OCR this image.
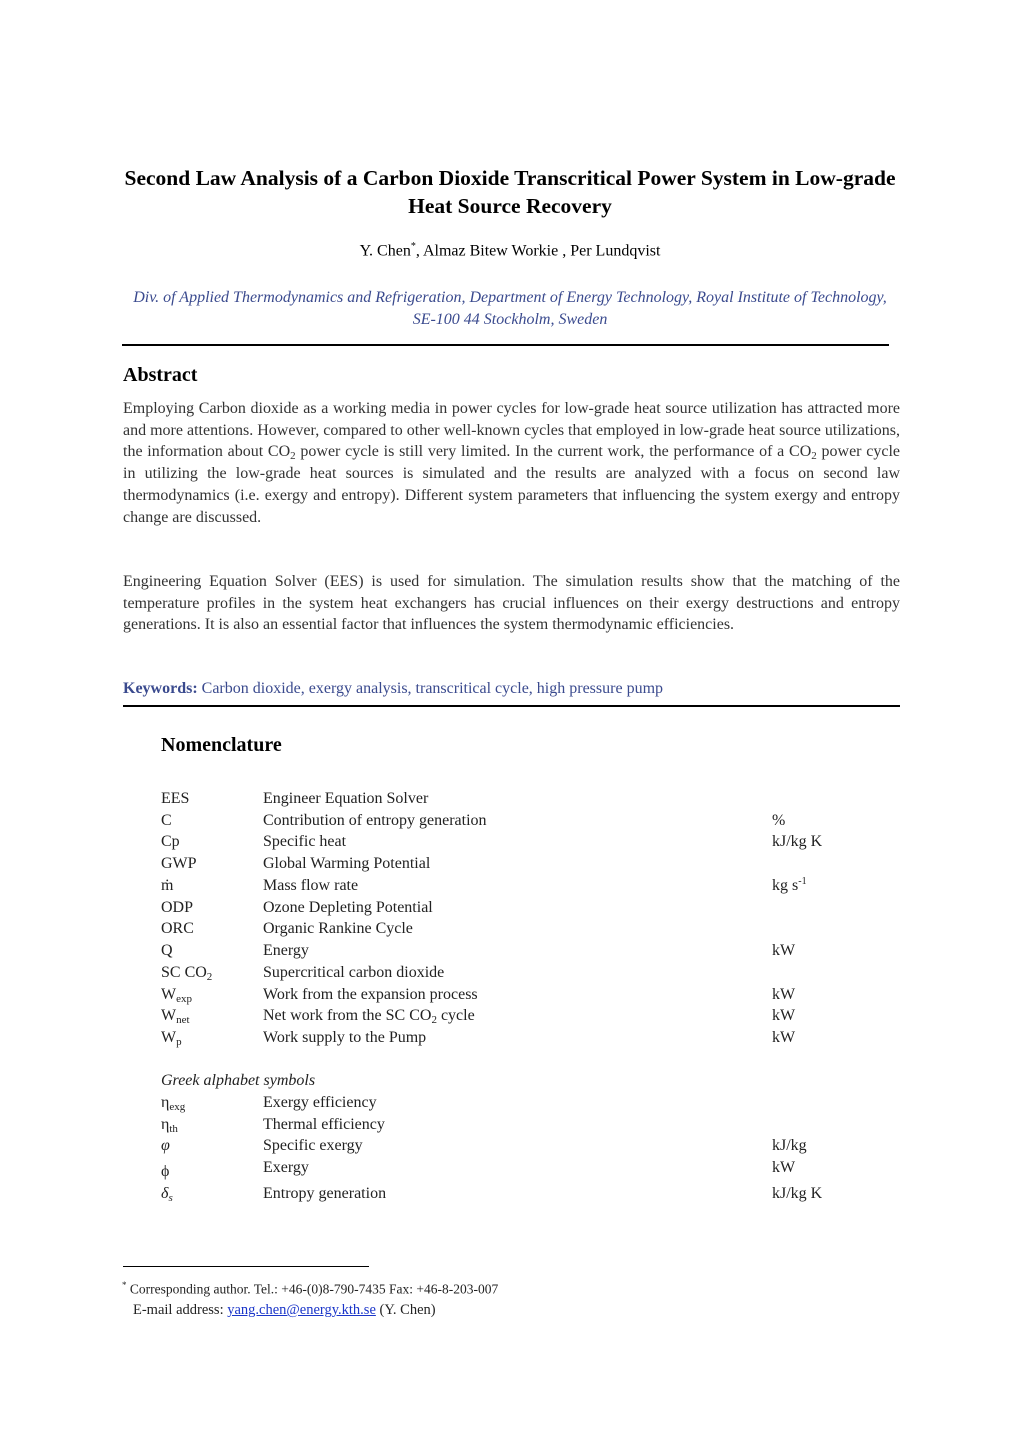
Second Law Analysis of a Carbon Dioxide Transcritical Power System in Low-grade Heat Source Recovery
Y. Chen*, Almaz Bitew Workie , Per Lundqvist
Div. of Applied Thermodynamics and Refrigeration, Department of Energy Technology, Royal Institute of Technology, SE-100 44 Stockholm, Sweden
Abstract
Employing Carbon dioxide as a working media in power cycles for low-grade heat source utilization has attracted more and more attentions. However, compared to other well-known cycles that employed in low-grade heat source utilizations, the information about $CO_2$ power cycle is still very limited. In the current work, the performance of a $CO_2$ power cycle in utilizing the low-grade heat sources is simulated and the results are analyzed with a focus on second law thermodynamics (i.e. exergy and entropy). Different system parameters that influencing the system exergy and entropy change are discussed.
Engineering Equation Solver (EES) is used for simulation. The simulation results show that the matching of the temperature profiles in the system heat exchangers has crucial influences on their exergy destructions and entropy generations. It is also an essential factor that influences the system thermodynamic efficiencies.
Keywords: Carbon dioxide, exergy analysis, transcritical cycle, high pressure pump
Nomenclature
EES	Engineer Equation Solver
C	Contribution of entropy generation	%
Cp	Specific heat	kJ/kg K
GWP	Global Warming Potential
ṁ	Mass flow rate	kg $s^{-1}$
ODP	Ozone Depleting Potential
ORC	Organic Rankine Cycle
Q	Energy	kW
SC $CO_2$	Supercritical carbon dioxide
$W_{exp}$	Work from the expansion process	kW
$W_{net}$	Net work from the SC $CO_2$ cycle	kW
$W_p$	Work supply to the Pump	kW
Greek alphabet symbols
$\eta_{exg}$	Exergy efficiency
$\eta_{th}$	Thermal efficiency
φ	Specific exergy	kJ/kg
ϕ	Exergy	kW
$\delta_s$	Entropy generation	kJ/kg K
* Corresponding author. Tel.: +46-(0)8-790-7435 Fax: +46-8-203-007
E-mail address: yang.chen@energy.kth.se (Y. Chen)
